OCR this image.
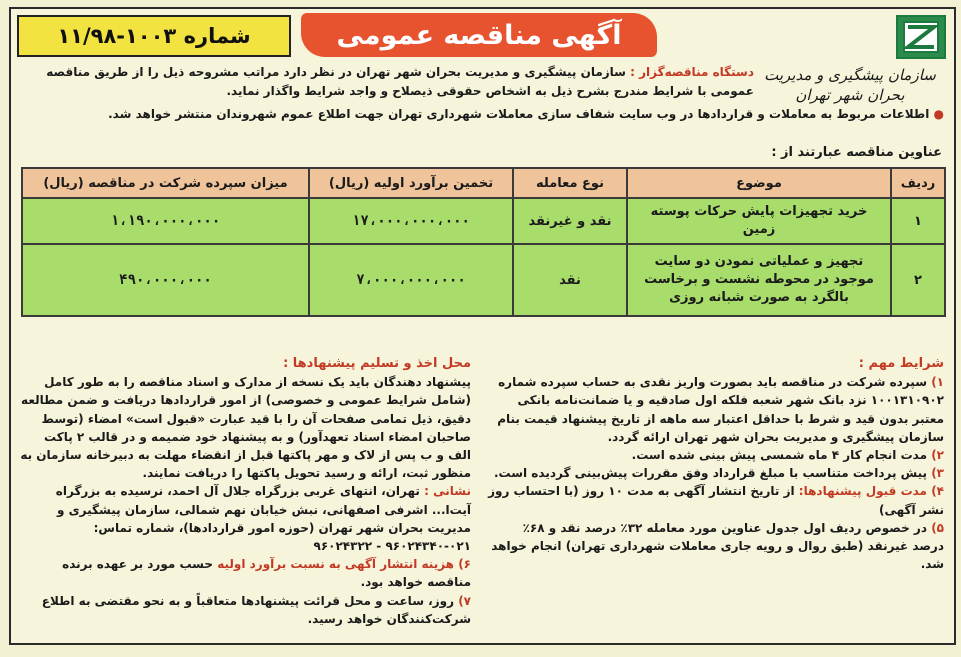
آگهی مناقصه عمومی
شماره

۱۱/۹۸-۱۰۰۳
سازمان پیشگیری و مدیریت بحران شهر تهران
دستگاه مناقصه‌گزار : سازمان پیشگیری و مدیریت بحران شهر تهران در نظر دارد مراتب مشروحه ذیل را از طریق مناقصه عمومی با شرایط مندرج بشرح ذیل به اشخاص حقوقی ذیصلاح و واجد شرایط واگذار نماید.
● اطلاعات مربوط به معاملات و قراردادها در وب سایت شفاف سازی معاملات شهرداری تهران جهت اطلاع عموم شهروندان منتشر خواهد شد.
عناوین مناقصه عبارتند از :
ردیف	موضوع	نوع معامله	تخمین برآورد اولیه (ریال)	میزان سپرده شرکت در مناقصه (ریال)
۱	خرید تجهیزات پایش حرکات پوسته زمین	نقد و غیرنقد	۱۷،۰۰۰،۰۰۰،۰۰۰	۱،۱۹۰،۰۰۰،۰۰۰
۲	تجهیز و عملیاتی نمودن دو سایت موجود در محوطه نشست و برخاست بالگرد به صورت شبانه روزی	نقد	۷،۰۰۰،۰۰۰،۰۰۰	۴۹۰،۰۰۰،۰۰۰

شرایط مهم :

۱) سپرده شرکت در مناقصه باید بصورت واریز نقدی به حساب سپرده شماره ۱۰۰۱۳۱۰۹۰۲ نزد بانک شهر شعبه فلکه اول صادقیه و یا ضمانت‌نامه بانکی معتبر بدون قید و شرط با حداقل اعتبار سه ماهه از تاریخ پیشنهاد قیمت بنام سازمان پیشگیری و مدیریت بحران شهر تهران ارائه گردد.

۲) مدت انجام کار ۴ ماه شمسی پیش بینی شده است.

۳) پیش پرداخت متناسب با مبلغ قرارداد وفق مقررات پیش‌بینی گردیده است.

۴) مدت قبول پیشنهادها: از تاریخ انتشار آگهی به مدت ۱۰ روز (با احتساب روز نشر آگهی)

۵) در خصوص ردیف اول جدول عناوین مورد معامله ۳۲٪ درصد نقد و ۶۸٪ درصد غیرنقد (طبق روال و رویه جاری معاملات شهرداری تهران) انجام خواهد شد.

محل اخذ و تسلیم پیشنهادها :

پیشنهاد دهندگان باید یک نسخه از مدارک و اسناد مناقصه را به طور کامل (شامل شرایط عمومی و خصوصی) از امور قراردادها دریافت و ضمن مطالعه دقیق، ذیل تمامی صفحات آن را با قید عبارت «قبول است» امضاء (توسط صاحبان امضاء اسناد تعهدآور) و به پیشنهاد خود ضمیمه و در قالب ۲ پاکت الف و ب پس از لاک و مهر پاکتها قبل از انقضاء مهلت به دبیرخانه سازمان به منظور ثبت، ارائه و رسید تحویل پاکتها را دریافت نمایند.

نشانی : تهران، انتهای غربی بزرگراه جلال آل احمد، نرسیده به بزرگراه آیت‌ا... اشرفی اصفهانی، نبش خیابان نهم شمالی، سازمان پیشگیری و مدیریت بحران شهر تهران (حوزه امور قراردادها)، شماره تماس: ۰۲۱-۹۶۰۲۴۳۴۰ - ۹۶۰۲۴۳۲۲

۶) هزینه انتشار آگهی به نسبت برآورد اولیه حسب مورد بر عهده برنده مناقصه خواهد بود.

۷) روز، ساعت و محل قرائت پیشنهادها متعاقباً و به نحو مقتضی به اطلاع شرکت‌کنندگان خواهد رسید.
